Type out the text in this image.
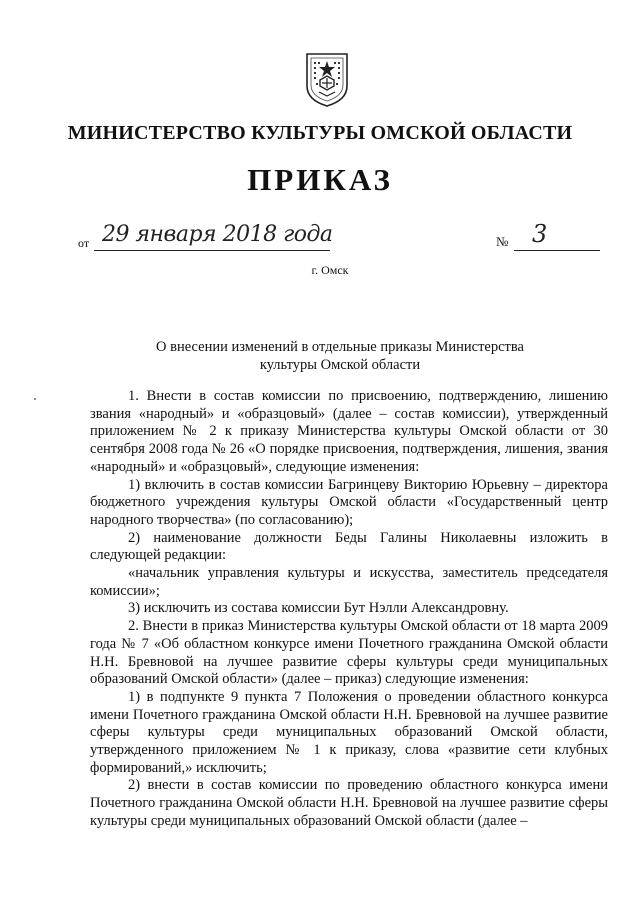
МИНИСТЕРСТВО КУЛЬТУРЫ ОМСКОЙ ОБЛАСТИ
ПРИКАЗ
от 29 января 2018 года	№ 3
г. Омск
О внесении изменений в отдельные приказы Министерства
культуры Омской области

1. Внести в состав комиссии по присвоению, подтверждению, лишению звания «народный» и «образцовый» (далее – состав комиссии), утвержденный приложением № 2 к приказу Министерства культуры Омской области от 30 сентября 2008 года № 26 «О порядке присвоения, подтверждения, лишения, звания «народный» и «образцовый», следующие изменения:

1) включить в состав комиссии Багринцеву Викторию Юрьевну – директора бюджетного учреждения культуры Омской области «Государственный центр народного творчества» (по согласованию);

2) наименование должности Беды Галины Николаевны изложить в следующей редакции:

«начальник управления культуры и искусства, заместитель председателя комиссии»;

3) исключить из состава комиссии Бут Нэлли Александровну.

2. Внести в приказ Министерства культуры Омской области от 18 марта 2009 года № 7 «Об областном конкурсе имени Почетного гражданина Омской области Н.Н. Бревновой на лучшее развитие сферы культуры среди муниципальных образований Омской области» (далее – приказ) следующие изменения:

1) в подпункте 9 пункта 7 Положения о проведении областного конкурса имени Почетного гражданина Омской области Н.Н. Бревновой на лучшее развитие сферы культуры среди муниципальных образований Омской области, утвержденного приложением № 1 к приказу, слова «развитие сети клубных формирований,» исключить;

2) внести в состав комиссии по проведению областного конкурса имени Почетного гражданина Омской области Н.Н. Бревновой на лучшее развитие сферы культуры среди муниципальных образований Омской области (далее –
